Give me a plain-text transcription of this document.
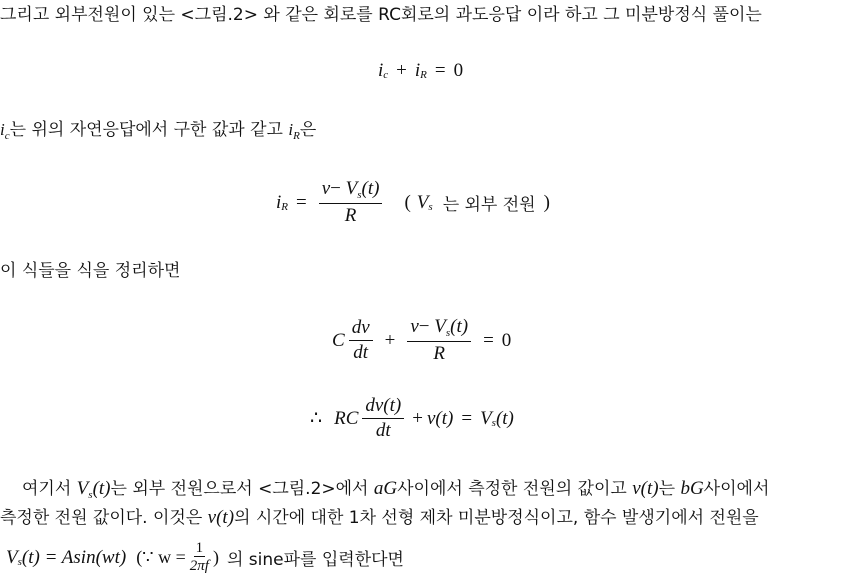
그리고 외부전원이 있는 <그림.2> 와 같은 회로를 RC회로의 과도응답 이라 하고 그 미분방정식 풀이는
i c + i R = 0
$i_c$는 위의 자연응답에서 구한 값과 같고 $i_R$은
i $R = \frac{v- V_s(t)}{R}$ ( V s 는 외부 전원 )
이 식들을 식을 정리하면
C $\frac{dv}{dt} + \frac{v- V_s(t)}{R} = 0$
∴ RC $\frac{dv(t)}{dt} + v(t) = V$ s (t)
여기서 $V_s(t)$는 외부 전원으로서 <그림.2>에서 aG사이에서 측정한 전원의 값이고 v(t)는 bG사이에서
측정한 전원 값이다. 이것은 v(t)의 시간에 대한 1차 선형 제차 미분방정식이고, 함수 발생기에서 전원을
V s (t) = Asin(wt) (∵ $w = \frac{1}{2\pi f}$ ) 의 sine파를 입력한다면
